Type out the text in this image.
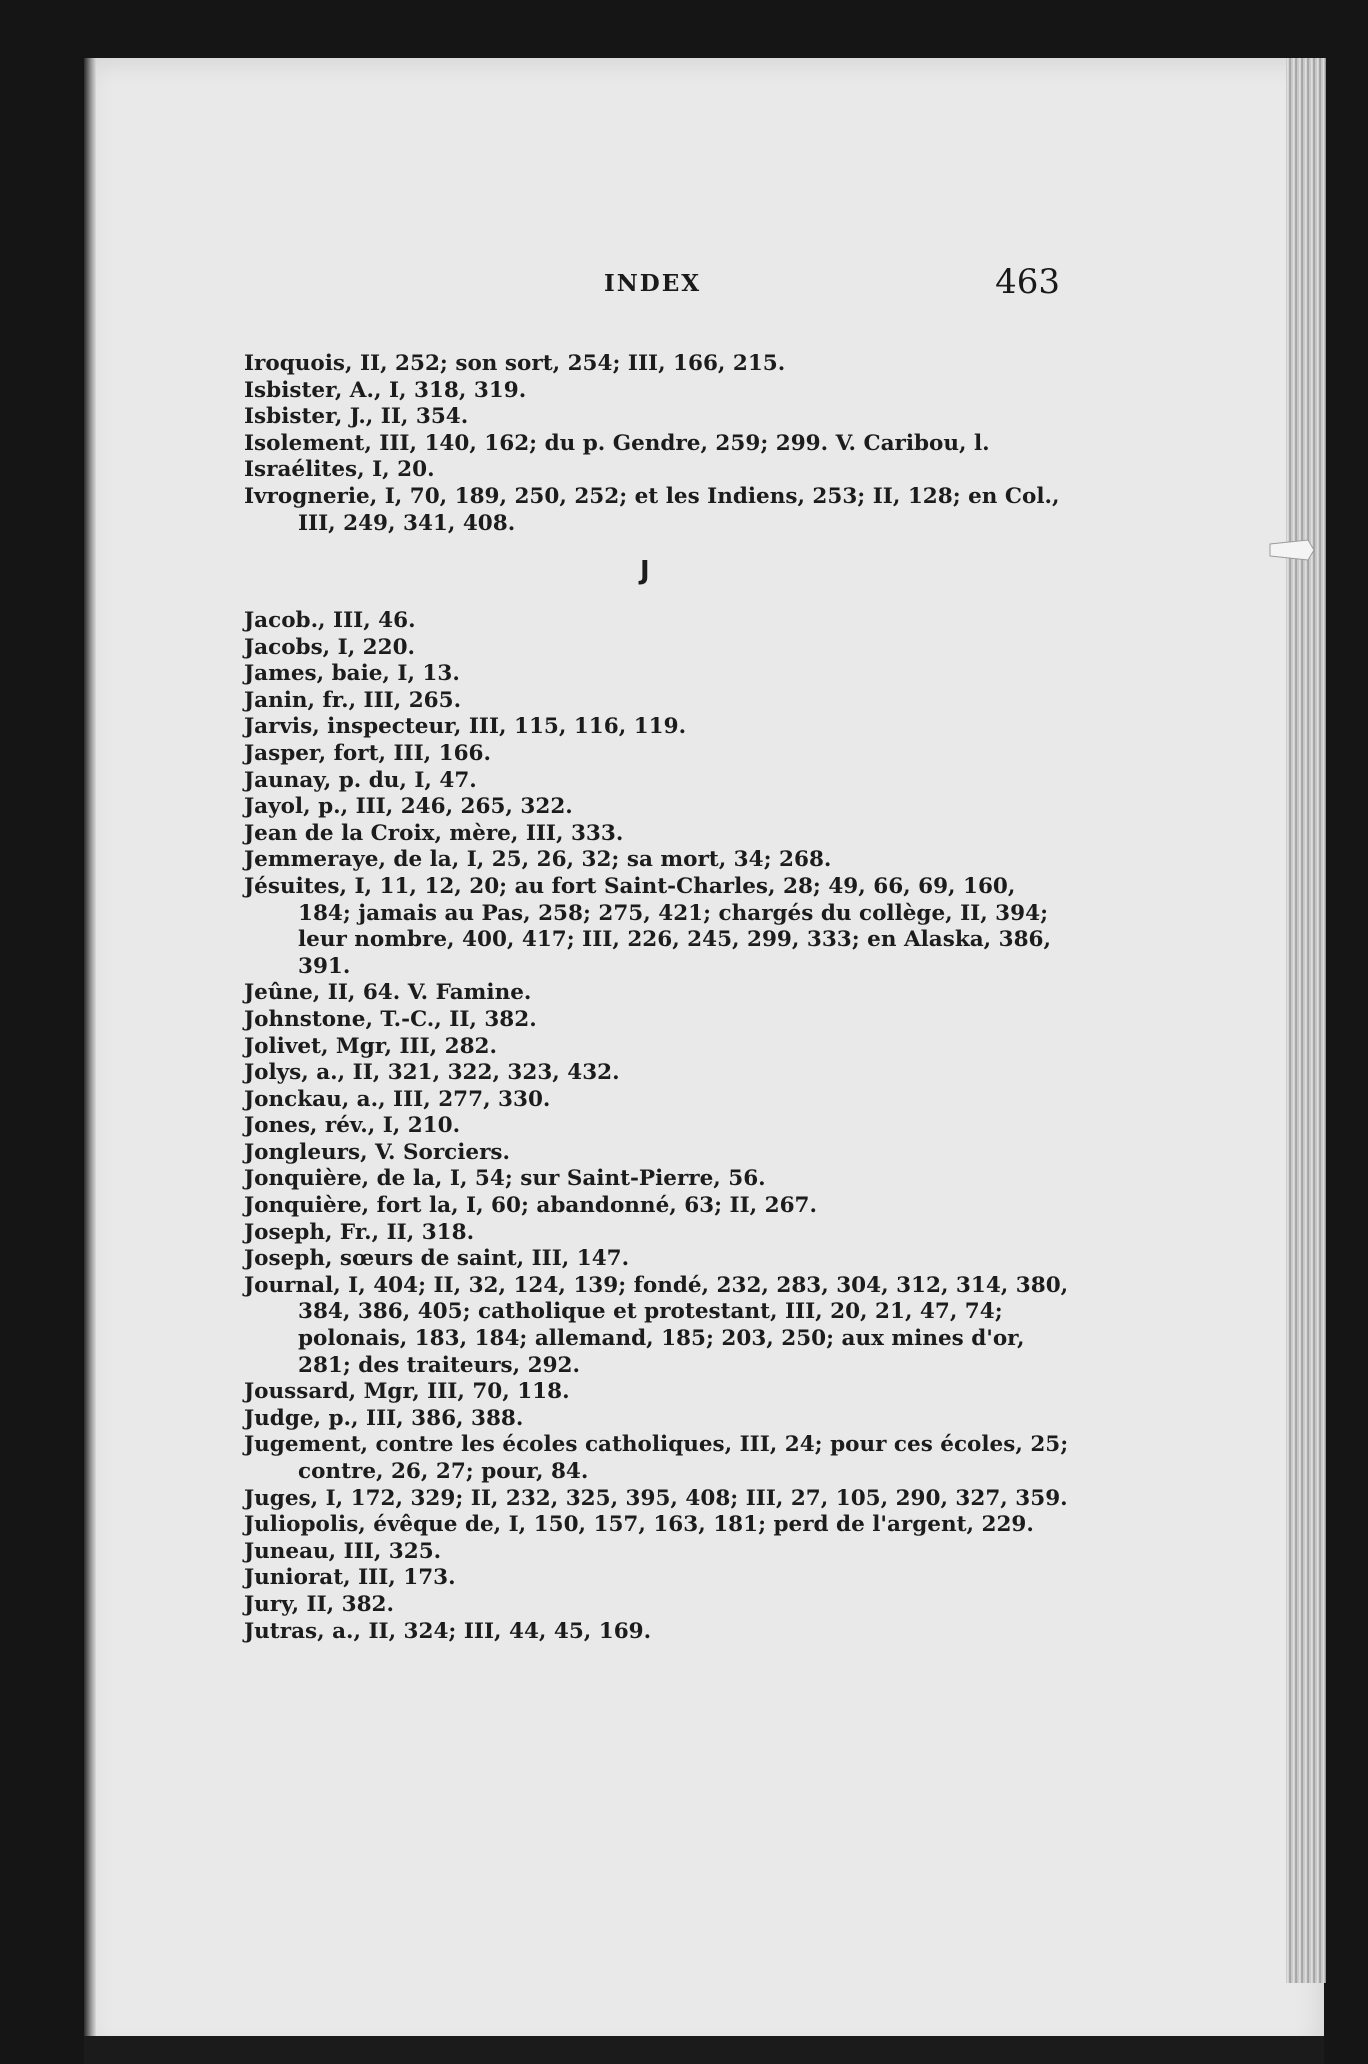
INDEX	463
Iroquois, II, 252; son sort, 254; III, 166, 215.
Isbister, A., I, 318, 319.
Isbister, J., II, 354.
Isolement, III, 140, 162; du p. Gendre, 259; 299. V. Caribou, l.
Israélites, I, 20.
Ivrognerie, I, 70, 189, 250, 252; et les Indiens, 253; II, 128; en Col., III, 249, 341, 408.
J
Jacob., III, 46.
Jacobs, I, 220.
James, baie, I, 13.
Janin, fr., III, 265.
Jarvis, inspecteur, III, 115, 116, 119.
Jasper, fort, III, 166.
Jaunay, p. du, I, 47.
Jayol, p., III, 246, 265, 322.
Jean de la Croix, mère, III, 333.
Jemmeraye, de la, I, 25, 26, 32; sa mort, 34; 268.
Jésuites, I, 11, 12, 20; au fort Saint-Charles, 28; 49, 66, 69, 160, 184; jamais au Pas, 258; 275, 421; chargés du collège, II, 394; leur nombre, 400, 417; III, 226, 245, 299, 333; en Alaska, 386, 391.
Jeûne, II, 64. V. Famine.
Johnstone, T.-C., II, 382.
Jolivet, Mgr, III, 282.
Jolys, a., II, 321, 322, 323, 432.
Jonckau, a., III, 277, 330.
Jones, rév., I, 210.
Jongleurs, V. Sorciers.
Jonquière, de la, I, 54; sur Saint-Pierre, 56.
Jonquière, fort la, I, 60; abandonné, 63; II, 267.
Joseph, Fr., II, 318.
Joseph, sœurs de saint, III, 147.
Journal, I, 404; II, 32, 124, 139; fondé, 232, 283, 304, 312, 314, 380, 384, 386, 405; catholique et protestant, III, 20, 21, 47, 74; polonais, 183, 184; allemand, 185; 203, 250; aux mines d'or, 281; des traiteurs, 292.
Joussard, Mgr, III, 70, 118.
Judge, p., III, 386, 388.
Jugement, contre les écoles catholiques, III, 24; pour ces écoles, 25; contre, 26, 27; pour, 84.
Juges, I, 172, 329; II, 232, 325, 395, 408; III, 27, 105, 290, 327, 359.
Juliopolis, évêque de, I, 150, 157, 163, 181; perd de l'argent, 229.
Juneau, III, 325.
Juniorat, III, 173.
Jury, II, 382.
Jutras, a., II, 324; III, 44, 45, 169.
